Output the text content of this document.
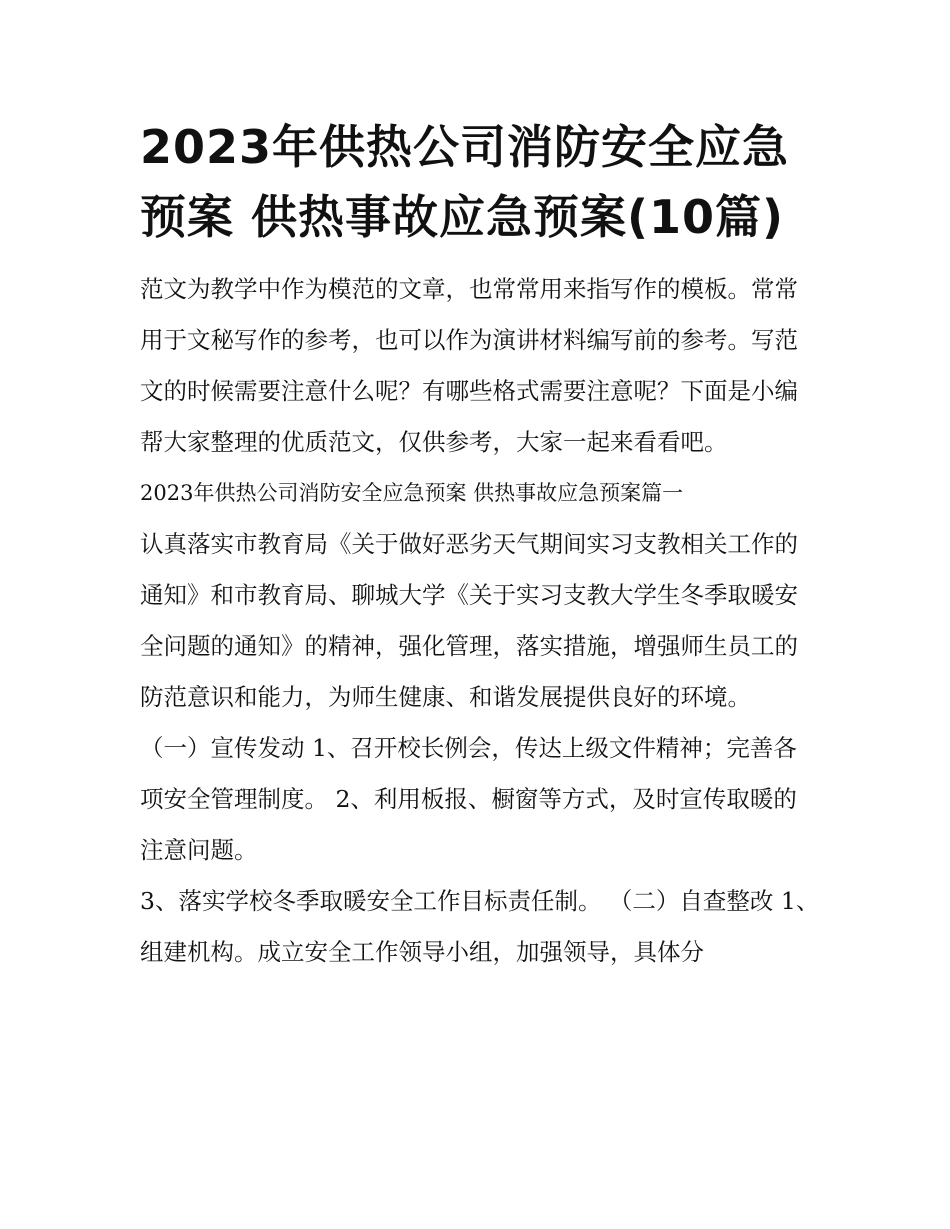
2023年供热公司消防安全应急预案 供热事故应急预案(10篇)

范文为教学中作为模范的文章，也常常用来指写作的模板。常常用于文秘写作的参考，也可以作为演讲材料编写前的参考。写范文的时候需要注意什么呢？有哪些格式需要注意呢？下面是小编帮大家整理的优质范文，仅供参考，大家一起来看看吧。

2023年供热公司消防安全应急预案 供热事故应急预案篇一

认真落实市教育局《关于做好恶劣天气期间实习支教相关工作的通知》和市教育局、聊城大学《关于实习支教大学生冬季取暖安全问题的通知》的精神，强化管理，落实措施，增强师生员工的防范意识和能力，为师生健康、和谐发展提供良好的环境。

（一）宣传发动 1、召开校长例会，传达上级文件精神；完善各项安全管理制度。 2、利用板报、橱窗等方式，及时宣传取暖的注意问题。

3、落实学校冬季取暖安全工作目标责任制。 （二）自查整改 1、组建机构。成立安全工作领导小组，加强领导，具体分
